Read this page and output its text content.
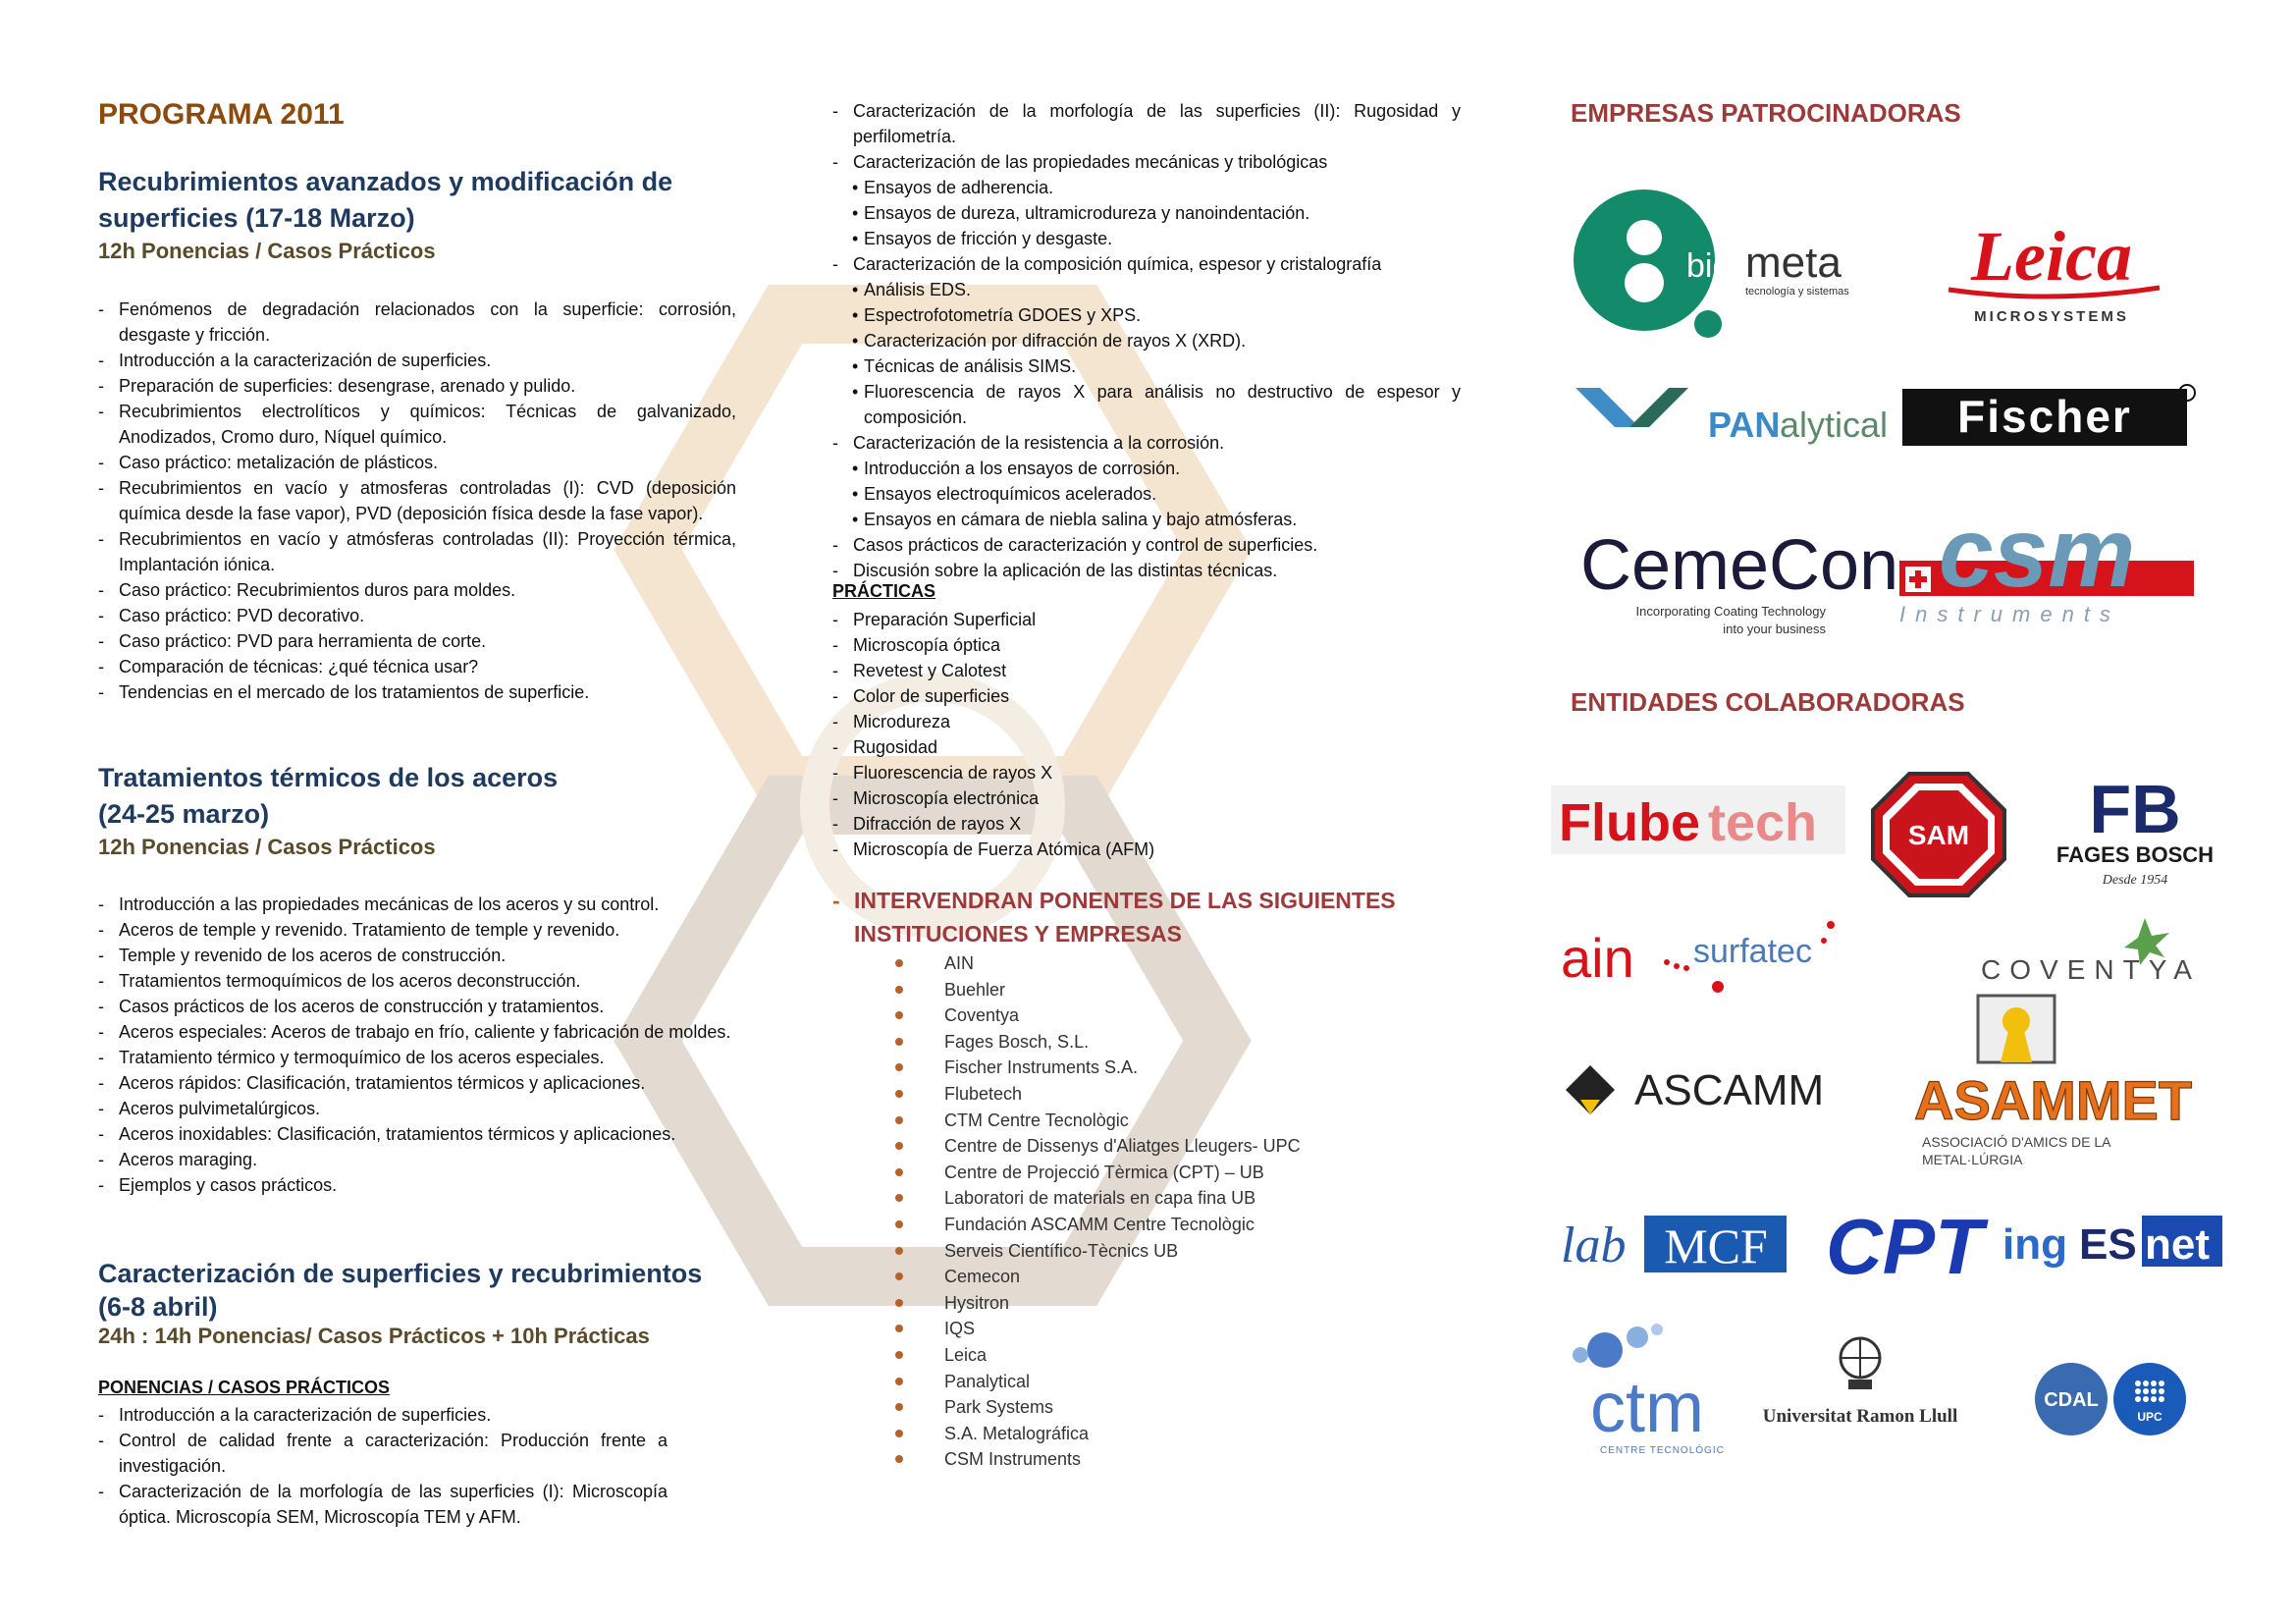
PROGRAMA 2011
Recubrimientos avanzados y modificación de
superficies (17-18 Marzo)
12h Ponencias / Casos Prácticos
- Fenómenos de degradación relacionados con la superficie: corrosión, desgaste y fricción.
- Introducción a la caracterización de superficies.
- Preparación de superficies: desengrase, arenado y pulido.
- Recubrimientos electrolíticos y químicos: Técnicas de galvanizado, Anodizados, Cromo duro, Níquel químico.
- Caso práctico: metalización de plásticos.
- Recubrimientos en vacío y atmosferas controladas (I): CVD (deposición química desde la fase vapor), PVD (deposición física desde la fase vapor).
- Recubrimientos en vacío y atmósferas controladas (II): Proyección térmica, Implantación iónica.
- Caso práctico: Recubrimientos duros para moldes.
- Caso práctico: PVD decorativo.
- Caso práctico: PVD para herramienta de corte.
- Comparación de técnicas: ¿qué técnica usar?
- Tendencias en el mercado de los tratamientos de superficie.
Tratamientos térmicos de los aceros
(24-25 marzo)
12h Ponencias / Casos Prácticos
- Introducción a las propiedades mecánicas de los aceros y su control.
- Aceros de temple y revenido. Tratamiento de temple y revenido.
- Temple y revenido de los aceros de construcción.
- Tratamientos termoquímicos de los aceros deconstrucción.
- Casos prácticos de los aceros de construcción y tratamientos.
- Aceros especiales: Aceros de trabajo en frío, caliente y fabricación de moldes.
- Tratamiento térmico y termoquímico de los aceros especiales.
- Aceros rápidos: Clasificación, tratamientos térmicos y aplicaciones.
- Aceros pulvimetalúrgicos.
- Aceros inoxidables: Clasificación, tratamientos térmicos y aplicaciones.
- Aceros maraging.
- Ejemplos y casos prácticos.
Caracterización de superficies y recubrimientos
(6-8 abril)
24h : 14h Ponencias/ Casos Prácticos + 10h Prácticas
PONENCIAS / CASOS PRÁCTICOS
- Introducción a la caracterización de superficies.
- Control de calidad frente a caracterización: Producción frente a investigación.
- Caracterización de la morfología de las superficies (I): Microscopía óptica. Microscopía SEM, Microscopía TEM y AFM.
- Caracterización de la morfología de las superficies (II): Rugosidad y perfilometría.
- Caracterización de las propiedades mecánicas y tribológicas
• Ensayos de adherencia.
• Ensayos de dureza, ultramicrodureza y nanoindentación.
• Ensayos de fricción y desgaste.
- Caracterización de la composición química, espesor y cristalografía
• Análisis EDS.
• Espectrofotometría GDOES y XPS.
• Caracterización por difracción de rayos X (XRD).
• Técnicas de análisis SIMS.
• Fluorescencia de rayos X para análisis no destructivo de espesor y composición.
- Caracterización de la resistencia a la corrosión.
• Introducción a los ensayos de corrosión.
• Ensayos electroquímicos acelerados.
• Ensayos en cámara de niebla salina y bajo atmósferas.
- Casos prácticos de caracterización y control de superficies.
- Discusión sobre la aplicación de las distintas técnicas.
PRÁCTICAS
- Preparación Superficial
- Microscopía óptica
- Revetest y Calotest
- Color de superficies
- Microdureza
- Rugosidad
- Fluorescencia de rayos X
- Microscopía electrónica
- Difracción de rayos X
- Microscopía de Fuerza Atómica (AFM)
- INTERVENDRAN PONENTES DE LAS SIGUIENTES INSTITUCIONES Y EMPRESAS
AIN
Buehler
Coventya
Fages Bosch, S.L.
Fischer Instruments S.A.
Flubetech
CTM Centre Tecnològic
Centre de Dissenys d'Aliatges Lleugers- UPC
Centre de Projecció Tèrmica (CPT) – UB
Laboratori de materials en capa fina UB
Fundación ASCAMM Centre Tecnològic
Serveis Científico-Tècnics UB
Cemecon
Hysitron
IQS
Leica
Panalytical
Park Systems
S.A. Metalográfica
CSM Instruments
EMPRESAS PATROCINADORAS
bio meta
tecnología y sistemas Leica
MICROSYSTEMS
PAN alytical Fischer
CemeCon
Incorporating Coating Technology
into your business
csm
Instruments
ENTIDADES COLABORADORAS
Flube tech	SAM FB
FAGES BOSCH
Desde 1954
ain surfatec	COVENTYA
ASCAMM ASAMMET
ASSOCIACIÓ D'AMICS DE LA
METAL·LÚRGIA
lab MCF CPT ing ES net
ctm
CENTRE TECNOLÒGIC
Universitat Ramon Llull
CDAL
UPC
